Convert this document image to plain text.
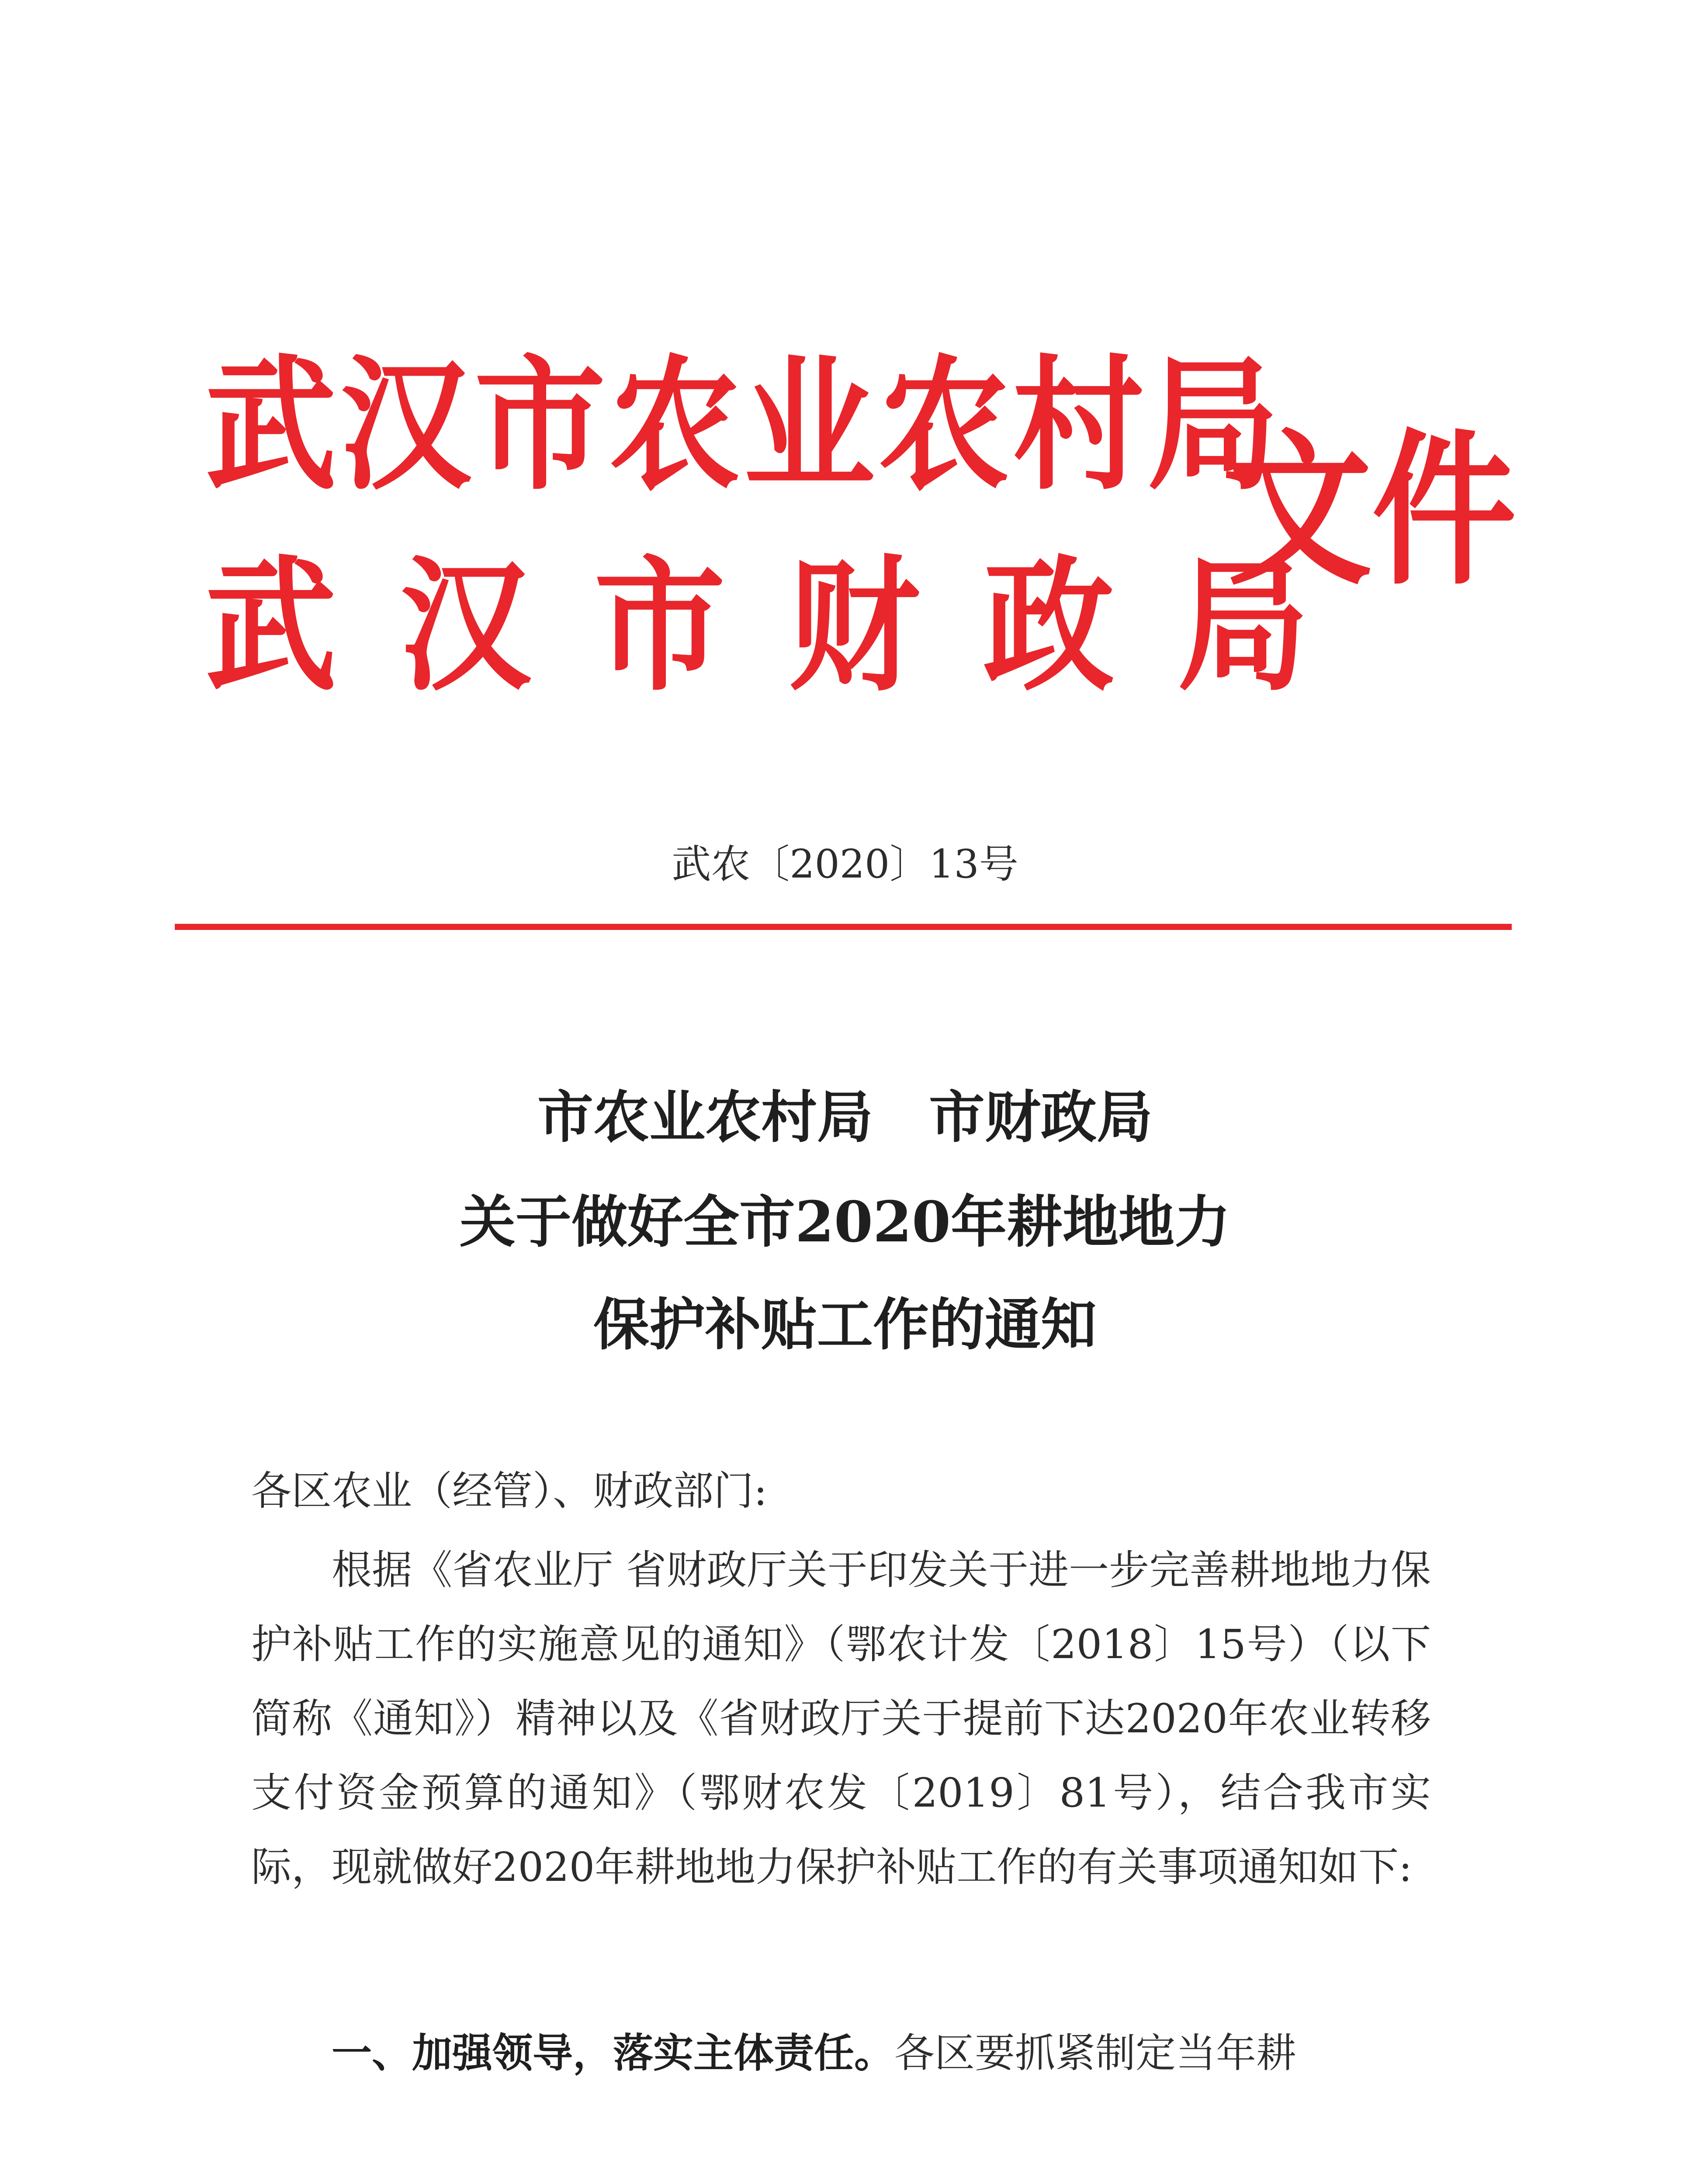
武汉市农业农村局
武汉市财政局
文件
武农〔2020〕13号
市农业农村局　市财政局
关于做好全市2020年耕地地力
保护补贴工作的通知
各区农业（经管）、财政部门:

根据《省农业厅 省财政厅关于印发关于进一步完善耕地地力保护补贴工作的实施意见的通知》（鄂农计发〔2018〕15号）（以下简称《通知》）精神以及《省财政厅关于提前下达2020年农业转移支付资金预算的通知》（鄂财农发〔2019〕81号），结合我市实际，现就做好2020年耕地地力保护补贴工作的有关事项通知如下:

一、加强领导，落实主体责任。各区要抓紧制定当年耕
